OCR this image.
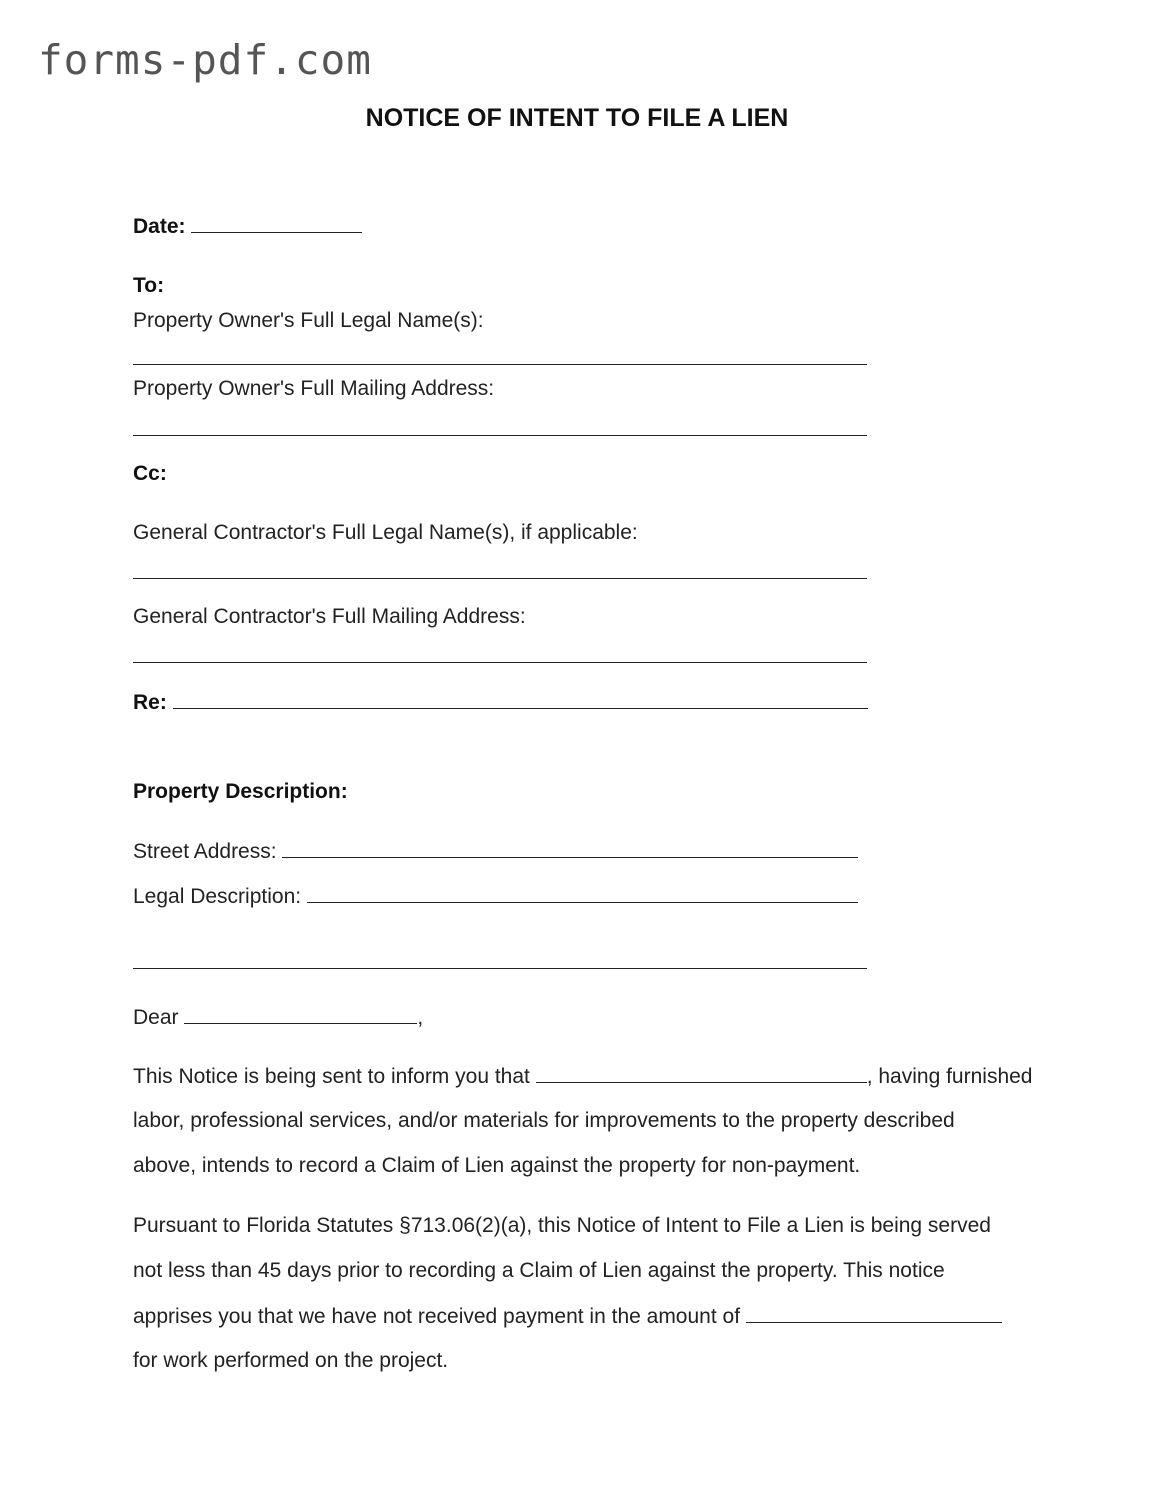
forms-pdf.com
NOTICE OF INTENT TO FILE A LIEN
Date:
To:
Property Owner's Full Legal Name(s):
Property Owner's Full Mailing Address:
Cc:
General Contractor's Full Legal Name(s), if applicable:
General Contractor's Full Mailing Address:
Re:
Property Description:
Street Address:
Legal Description:
Dear	,
This Notice is being sent to inform you that	, having furnished
labor, professional services, and/or materials for improvements to the property described
above, intends to record a Claim of Lien against the property for non-payment.
Pursuant to Florida Statutes §713.06(2)(a), this Notice of Intent to File a Lien is being served
not less than 45 days prior to recording a Claim of Lien against the property. This notice
apprises you that we have not received payment in the amount of
for work performed on the project.
